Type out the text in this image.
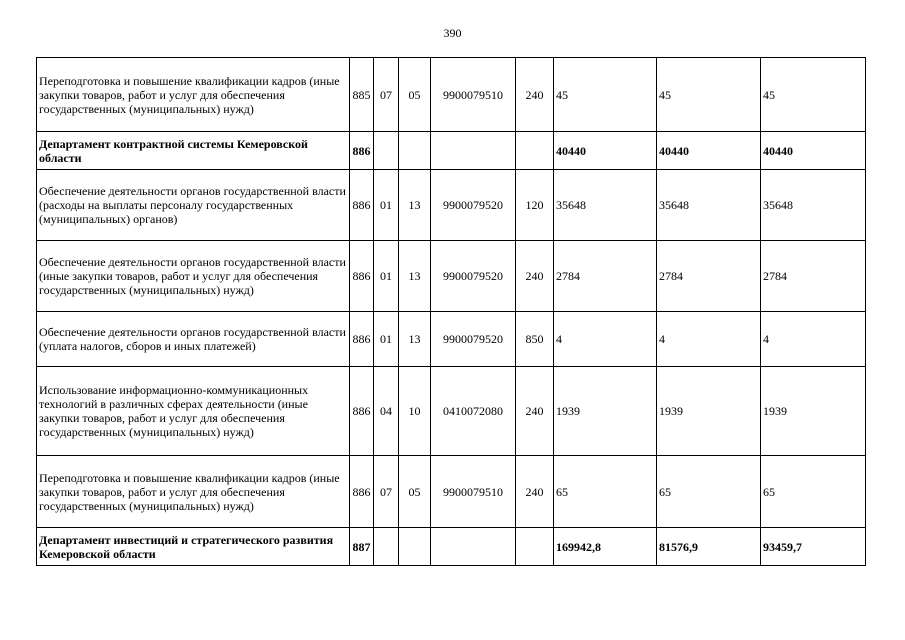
390
Переподготовка и повышение квалификации кадров (иные закупки товаров, работ и услуг для обеспечения государственных (муниципальных) нужд)	885	07	05	9900079510	240	45	45	45
Департамент контрактной системы Кемеровской области	886					40440	40440	40440
Обеспечение деятельности органов государственной власти (расходы на выплаты персоналу государственных (муниципальных) органов)	886	01	13	9900079520	120	35648	35648	35648
Обеспечение деятельности органов государственной власти (иные закупки товаров, работ и услуг для обеспечения государственных (муниципальных) нужд)	886	01	13	9900079520	240	2784	2784	2784
Обеспечение деятельности органов государственной власти (уплата налогов, сборов и иных платежей)	886	01	13	9900079520	850	4	4	4
Использование информационно-коммуникационных технологий в различных сферах деятельности (иные закупки товаров, работ и услуг для обеспечения государственных (муниципальных) нужд)	886	04	10	0410072080	240	1939	1939	1939
Переподготовка и повышение квалификации кадров (иные закупки товаров, работ и услуг для обеспечения государственных (муниципальных) нужд)	886	07	05	9900079510	240	65	65	65
Департамент инвестиций и стратегического развития Кемеровской области	887					169942,8	81576,9	93459,7
